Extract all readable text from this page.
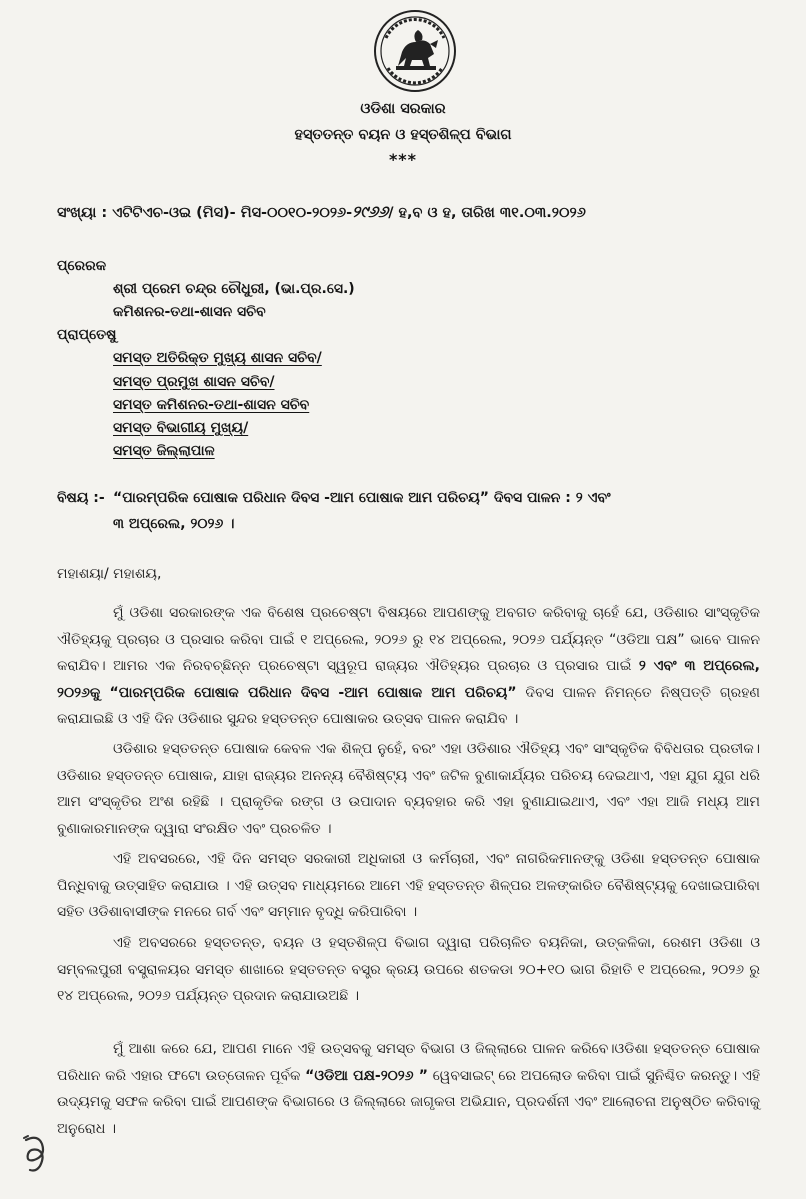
ଓଡିଶା ସରକାର
ହସ୍ତତନ୍ତ ବୟନ ଓ ହସ୍ତଶିଳ୍ପ ବିଭାଗ
***
ସଂଖ୍ୟା : ଏଟିଟିଏଚ-ଓଇ (ମିସ)- ମିସ-୦୦୧୦-୨୦୨୬-୨୯୬୬/ ହ,ବ ଓ ହ, ତାରିଖ ୩୧.୦୩.୨୦୨୬
ପ୍ରେରକ
ଶ୍ରୀ ପ୍ରେମ ଚନ୍ଦ୍ର ଚୌଧୁରୀ, (ଭା.ପ୍ର.ସେ.)
କମିଶନର-ତଥା-ଶାସନ ସଚିବ
ପ୍ରାପ୍ତେଷୁ
ସମସ୍ତ ଅତିରିକ୍ତ ମୁଖ୍ୟ ଶାସନ ସଚିବ/
ସମସ୍ତ ପ୍ରମୁଖ ଶାସନ ସଚିବ/
ସମସ୍ତ କମିଶନର-ତଥା-ଶାସନ ସଚିବ
ସମସ୍ତ ବିଭାଗୀୟ ମୁଖ୍ୟ/
ସମସ୍ତ ଜିଲ୍ଲାପାଳ
ବିଷୟ :- “ପାରମ୍ପରିକ ପୋଷାକ ପରିଧାନ ଦିବସ -ଆମ ପୋଷାକ ଆମ ପରିଚୟ” ଦିବସ ପାଳନ : ୨ ଏବଂ
୩ ଅପ୍ରେଲ, ୨୦୨୬ ।
ମହାଶୟା/ ମହାଶୟ,
ମୁଁ ଓଡିଶା ସରକାରଙ୍କ ଏକ ବିଶେଷ ପ୍ରଚେଷ୍ଟା ବିଷୟରେ ଆପଣଙ୍କୁ ଅବଗତ କରିବାକୁ ଚାହେଁ ଯେ, ଓଡିଶାର ସାଂସ୍କୃତିକ ଐତିହ୍ୟକୁ ପ୍ରଚାର ଓ ପ୍ରସାର କରିବା ପାଇଁ ୧ ଅପ୍ରେଲ, ୨୦୨୬ ରୁ ୧୪ ଅପ୍ରେଲ, ୨୦୨୬ ପର୍ଯ୍ୟନ୍ତ “ଓଡିଆ ପକ୍ଷ” ଭାବେ ପାଳନ କରାଯିବ। ଆମର ଏକ ନିରବଚ୍ଛିନ୍ନ ପ୍ରଚେଷ୍ଟା ସ୍ୱରୂପ ରାଜ୍ୟର ଐତିହ୍ୟର ପ୍ରଚାର ଓ ପ୍ରସାର ପାଇଁ ୨ ଏବଂ ୩ ଅପ୍ରେଲ, ୨୦୨୬କୁ “ପାରମ୍ପରିକ ପୋଷାକ ପରିଧାନ ଦିବସ -ଆମ ପୋଷାକ ଆମ ପରିଚୟ” ଦିବସ ପାଳନ ନିମନ୍ତେ ନିଷ୍ପତ୍ତି ଗ୍ରହଣ କରାଯାଇଛି ଓ ଏହି ଦିନ ଓଡିଶାର ସୁନ୍ଦର ହସ୍ତତନ୍ତ ପୋଷାକର ଉତ୍ସବ ପାଳନ କରାଯିବ ।
ଓଡିଶାର ହସ୍ତତନ୍ତ ପୋଷାକ କେବଳ ଏକ ଶିଳ୍ପ ନୁହେଁ, ବରଂ ଏହା ଓଡିଶାର ଐତିହ୍ୟ ଏବଂ ସାଂସ୍କୃତିକ ବିବିଧତାର ପ୍ରତୀକ। ଓଡିଶାର ହସ୍ତତନ୍ତ ପୋଷାକ, ଯାହା ରାଜ୍ୟର ଅନନ୍ୟ ବୈଶିଷ୍ଟ୍ୟ ଏବଂ ଜଟିଳ ବୁଣାକାର୍ଯ୍ୟର ପରିଚୟ ଦେଇଥାଏ, ଏହା ଯୁଗ ଯୁଗ ଧରି ଆମ ସଂସ୍କୃତିର ଅଂଶ ରହିଛି । ପ୍ରାକୃତିକ ରଙ୍ଗ ଓ ଉପାଦାନ ବ୍ୟବହାର କରି ଏହା ବୁଣାଯାଇଥାଏ, ଏବଂ ଏହା ଆଜି ମଧ୍ୟ ଆମ ବୁଣାକାରମାନଙ୍କ ଦ୍ୱାରା ସଂରକ୍ଷିତ ଏବଂ ପ୍ରଚଳିତ ।
ଏହି ଅବସରରେ, ଏହି ଦିନ ସମସ୍ତ ସରକାରୀ ଅଧିକାରୀ ଓ କର୍ମଚାରୀ, ଏବଂ ନାଗରିକମାନଙ୍କୁ ଓଡିଶା ହସ୍ତତନ୍ତ ପୋଷାକ ପିନ୍ଧିବାକୁ ଉତ୍ସାହିତ କରାଯାଉ । ଏହି ଉତ୍ସବ ମାଧ୍ୟମରେ ଆମେ ଏହି ହସ୍ତତନ୍ତ ଶିଳ୍ପର ଅଳଙ୍କାରିତ ବୈଶିଷ୍ଟ୍ୟକୁ ଦେଖାଇପାରିବା ସହିତ ଓଡିଶାବାସୀଙ୍କ ମନରେ ଗର୍ବ ଏବଂ ସମ୍ମାନ ବୃଦ୍ଧି କରିପାରିବା ।
ଏହି ଅବସରରେ ହସ୍ତତନ୍ତ, ବୟନ ଓ ହସ୍ତଶିଳ୍ପ ବିଭାଗ ଦ୍ୱାରା ପରିଚାଳିତ ବୟନିକା, ଉତ୍କଳିକା, ରେଶମ ଓଡିଶା ଓ ସମ୍ବଲପୁରୀ ବସ୍ତ୍ରାଳୟର ସମସ୍ତ ଶାଖାରେ ହସ୍ତତନ୍ତ ବସ୍ତ୍ର କ୍ରୟ ଉପରେ ଶତକଡା ୨୦+୧୦ ଭାଗ ରିହାତି ୧ ଅପ୍ରେଲ, ୨୦୨୬ ରୁ ୧୪ ଅପ୍ରେଲ, ୨୦୨୬ ପର୍ଯ୍ୟନ୍ତ ପ୍ରଦାନ କରାଯାଉଅଛି ।
ମୁଁ ଆଶା କରେ ଯେ, ଆପଣ ମାନେ ଏହି ଉତ୍ସବକୁ ସମସ୍ତ ବିଭାଗ ଓ ଜିଲ୍ଲାରେ ପାଳନ କରିବେ।ଓଡିଶା ହସ୍ତତନ୍ତ ପୋଷାକ ପରିଧାନ କରି ଏହାର ଫଟୋ ଉତ୍ତୋଳନ ପୂର୍ବକ “ଓଡିଆ ପକ୍ଷ-୨୦୨୬ ” ୱେବସାଇଟ୍ ରେ ଅପଲୋଡ କରିବା ପାଇଁ ସୁନିଶ୍ଚିତ କରନ୍ତୁ। ଏହି ଉଦ୍ୟମକୁ ସଫଳ କରିବା ପାଇଁ ଆପଣଙ୍କ ବିଭାଗରେ ଓ ଜିଲ୍ଲାରେ ଜାଗୃକତା ଅଭିଯାନ, ପ୍ରଦର୍ଶନୀ ଏବଂ ଆଲୋଚନା ଅନୁଷ୍ଠିତ କରିବାକୁ ଅନୁରୋଧ ।
